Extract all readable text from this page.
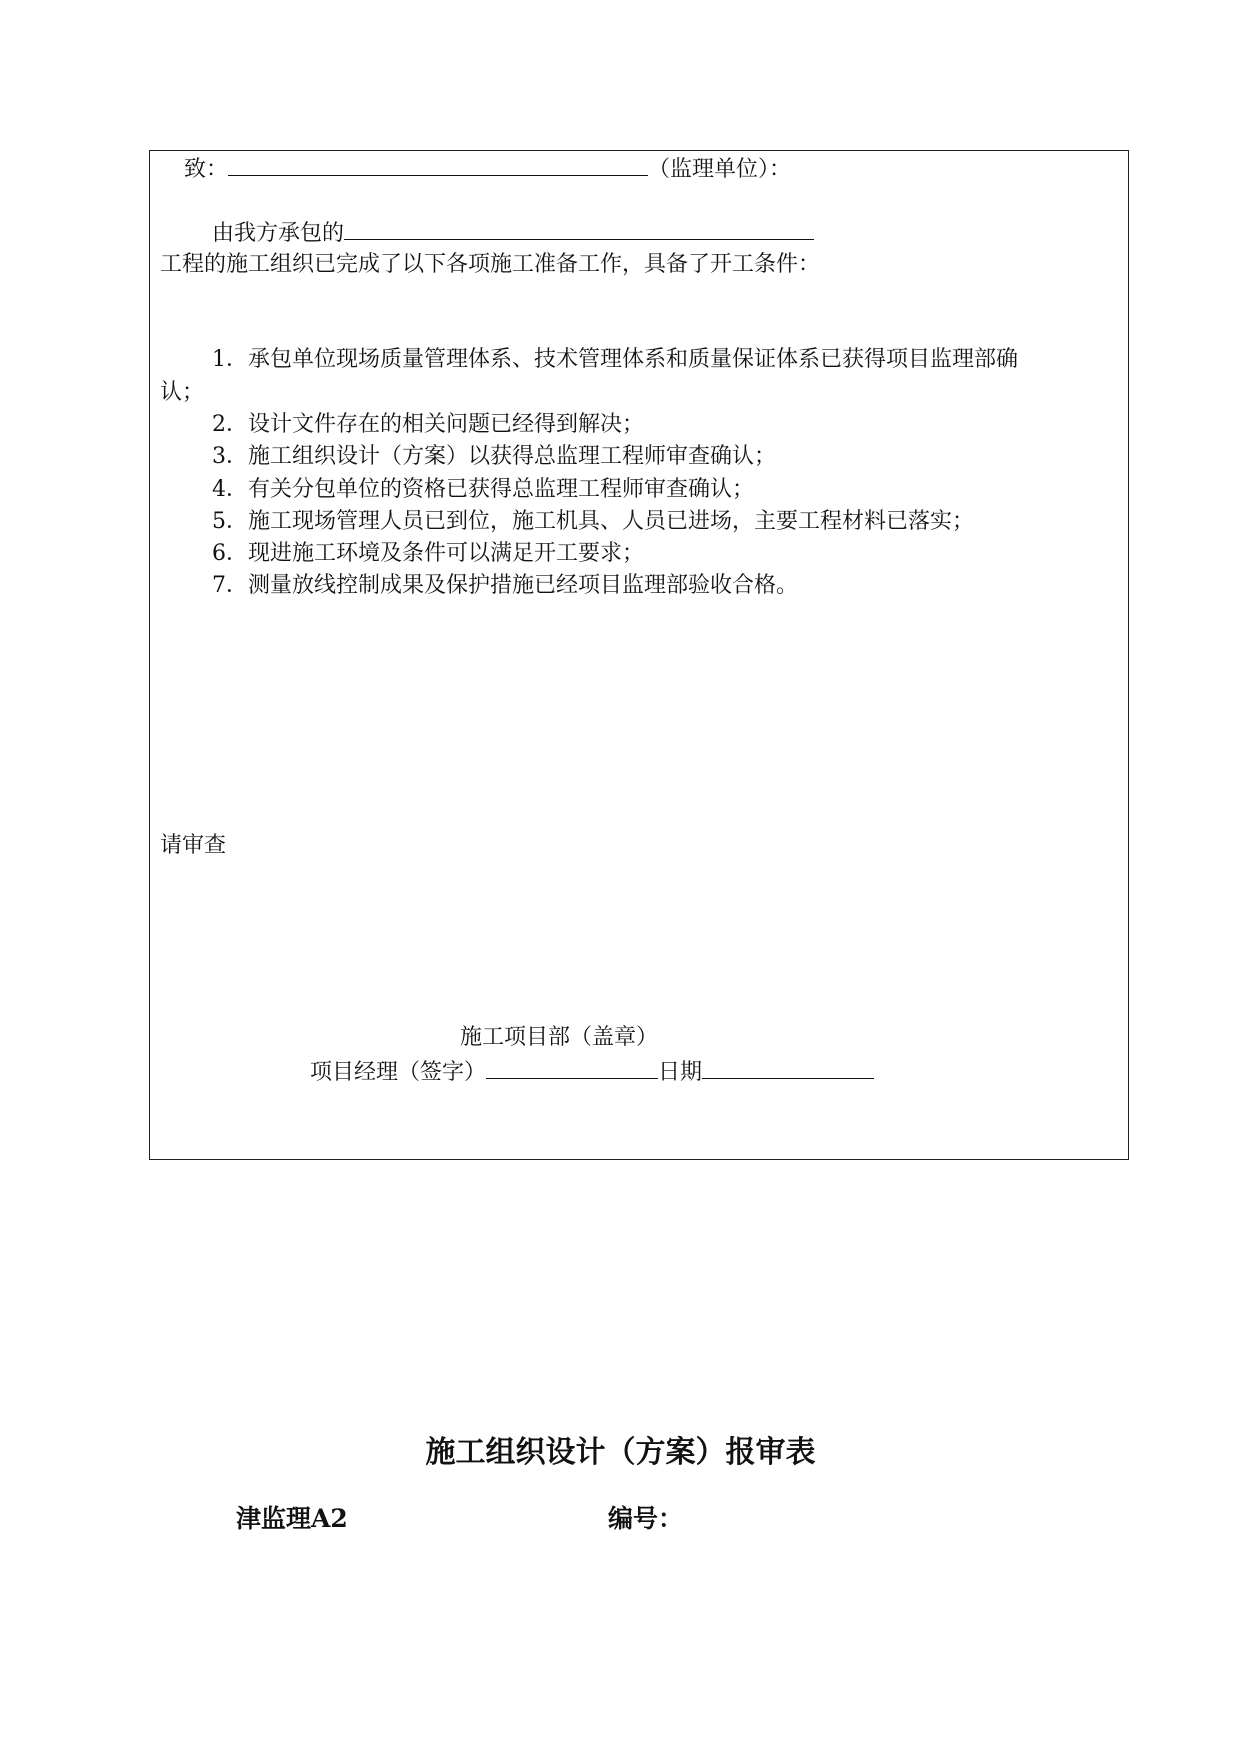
致：	（监理单位）：
由我方承包的
工程的施工组织已完成了以下各项施工准备工作，具备了开工条件：
1．承包单位现场质量管理体系、技术管理体系和质量保证体系已获得项目监理部确
认；
2．设计文件存在的相关问题已经得到解决；
3．施工组织设计（方案）以获得总监理工程师审查确认；
4．有关分包单位的资格已获得总监理工程师审查确认；
5．施工现场管理人员已到位，施工机具、人员已进场，主要工程材料已落实；
6．现进施工环境及条件可以满足开工要求；
7．测量放线控制成果及保护措施已经项目监理部验收合格。
请审查
施工项目部（盖章）
项目经理（签字）	日期
施工组织设计（方案）报审表
津监理A2	编号：
